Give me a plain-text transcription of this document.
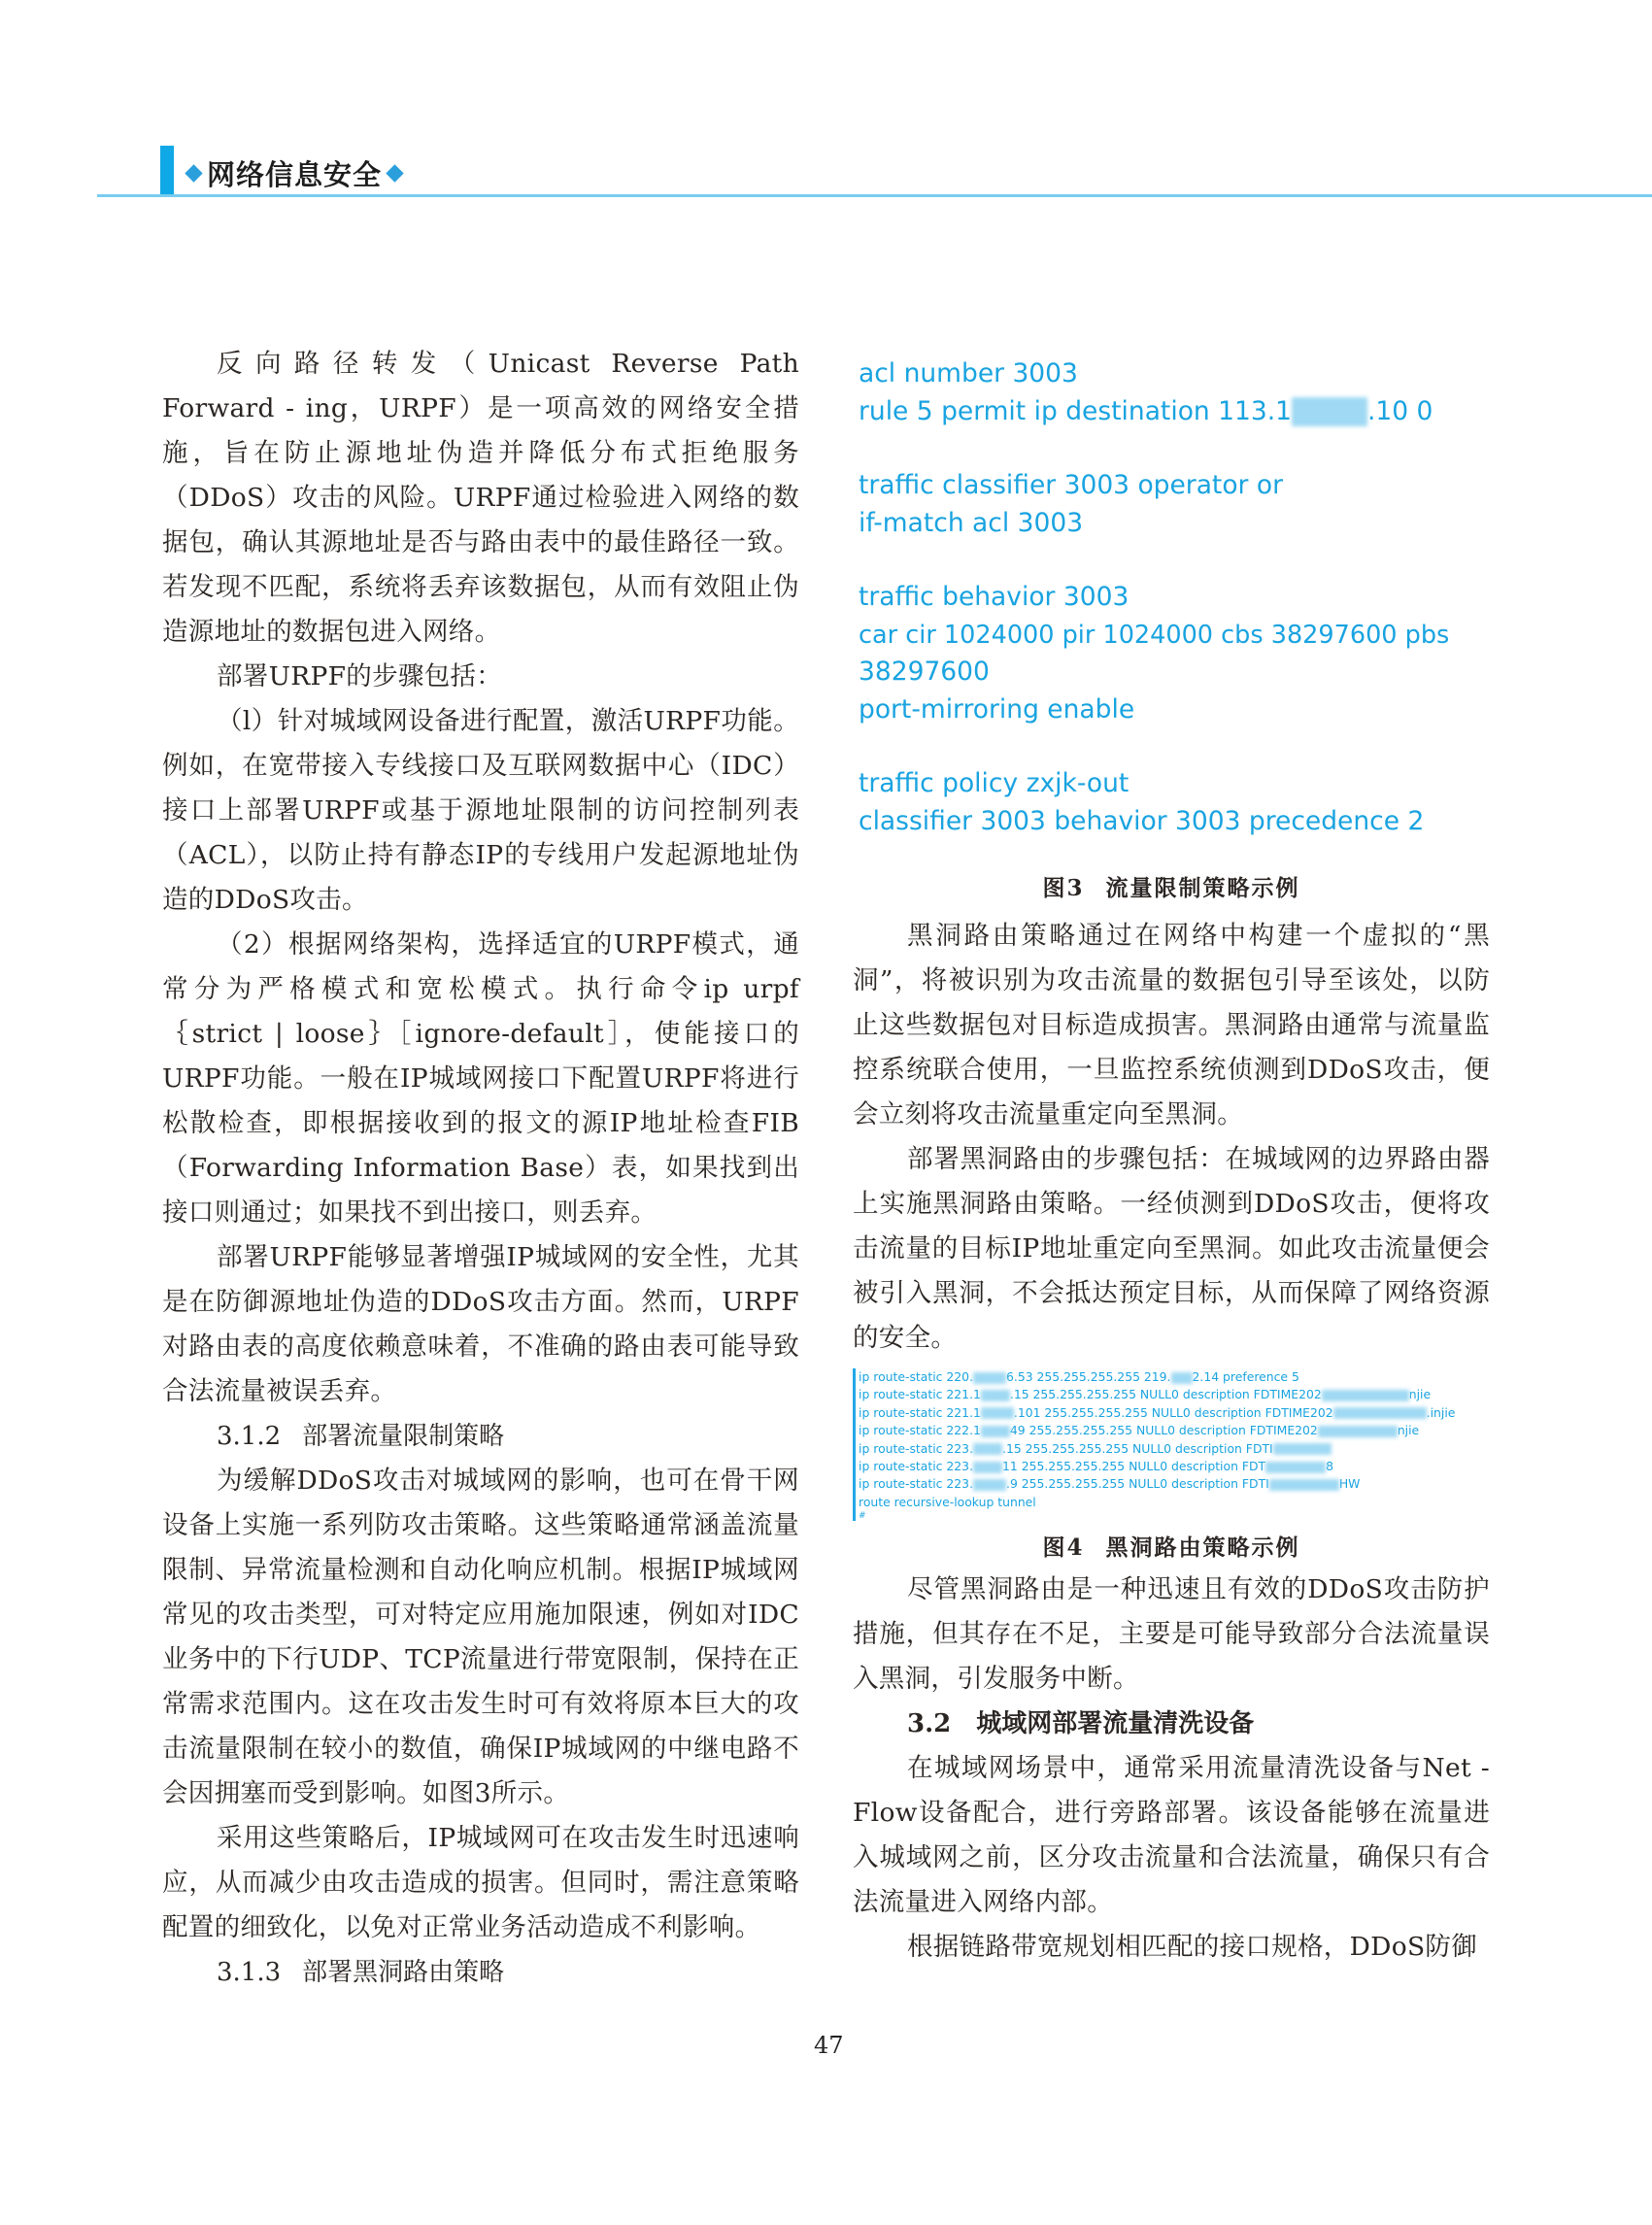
网络信息安全

反向路径转发（Unicast Reverse Path Forward - ing，URPF）是一项高效的网络安全措施，旨在防止源地址伪造并降低分布式拒绝服务（DDoS）攻击的风险。URPF通过检验进入网络的数据包，确认其源地址是否与路由表中的最佳路径一致。若发现不匹配，系统将丢弃该数据包，从而有效阻止伪造源地址的数据包进入网络。

部署URPF的步骤包括：

（l）针对城域网设备进行配置，激活URPF功能。例如，在宽带接入专线接口及互联网数据中心（IDC）接口上部署URPF或基于源地址限制的访问控制列表（ACL），以防止持有静态IP的专线用户发起源地址伪造的DDoS攻击。

（2）根据网络架构，选择适宜的URPF模式，通常分为严格模式和宽松模式。执行命令ip urpf ｛strict | loose｝［ignore-default］，使能接口的URPF功能。一般在IP城域网接口下配置URPF将进行松散检查，即根据接收到的报文的源IP地址检查FIB（Forwarding Information Base）表，如果找到出接口则通过；如果找不到出接口，则丢弃。

部署URPF能够显著增强IP城域网的安全性，尤其是在防御源地址伪造的DDoS攻击方面。然而，URPF对路由表的高度依赖意味着，不准确的路由表可能导致合法流量被误丢弃。

3.1.2 部署流量限制策略

为缓解DDoS攻击对城域网的影响，也可在骨干网设备上实施一系列防攻击策略。这些策略通常涵盖流量限制、异常流量检测和自动化响应机制。根据IP城域网常见的攻击类型，可对特定应用施加限速，例如对IDC业务中的下行UDP、TCP流量进行带宽限制，保持在正常需求范围内。这在攻击发生时可有效将原本巨大的攻击流量限制在较小的数值，确保IP城域网的中继电路不会因拥塞而受到影响。如图3所示。

采用这些策略后，IP城域网可在攻击发生时迅速响应，从而减少由攻击造成的损害。但同时，需注意策略配置的细致化，以免对正常业务活动造成不利影响。

3.1.3 部署黑洞路由策略
acl number 3003
rule 5 permit ip destination 113.1	.10 0
traffic classifier 3003 operator or
if-match acl 3003
traffic behavior 3003
car cir 1024000 pir 1024000 cbs 38297600 pbs
38297600
port-mirroring enable
traffic policy zxjk-out
classifier 3003 behavior 3003 precedence 2

图3 流量限制策略示例

黑洞路由策略通过在网络中构建一个虚拟的“黑洞”，将被识别为攻击流量的数据包引导至该处，以防止这些数据包对目标造成损害。黑洞路由通常与流量监控系统联合使用，一旦监控系统侦测到DDoS攻击，便会立刻将攻击流量重定向至黑洞。

部署黑洞路由的步骤包括：在城域网的边界路由器上实施黑洞路由策略。一经侦测到DDoS攻击，便将攻击流量的目标IP地址重定向至黑洞。如此攻击流量便会被引入黑洞，不会抵达预定目标，从而保障了网络资源的安全。

ip route-static 220.	6.53 255.255.255.255 219. 2.14 preference 5
ip route-static 221.1 .15 255.255.255.255 NULL0 description FDTIME202	njie
ip route-static 221.1	.101 255.255.255.255 NULL0 description FDTIME202	.injie
ip route-static 222.1 49 255.255.255.255 NULL0 description FDTIME202	njie
ip route-static 223. .15 255.255.255.255 NULL0 description FDTI
ip route-static 223. 11 255.255.255.255 NULL0 description FDT	8
ip route-static 223.	.9 255.255.255.255 NULL0 description FDTI	HW
route recursive-lookup tunnel
#

图4 黑洞路由策略示例

尽管黑洞路由是一种迅速且有效的DDoS攻击防护措施，但其存在不足，主要是可能导致部分合法流量误入黑洞，引发服务中断。

3.2 城域网部署流量清洗设备

在城域网场景中，通常采用流量清洗设备与Net - Flow设备配合，进行旁路部署。该设备能够在流量进入城域网之前，区分攻击流量和合法流量，确保只有合法流量进入网络内部。

根据链路带宽规划相匹配的接口规格，DDoS防御

47
